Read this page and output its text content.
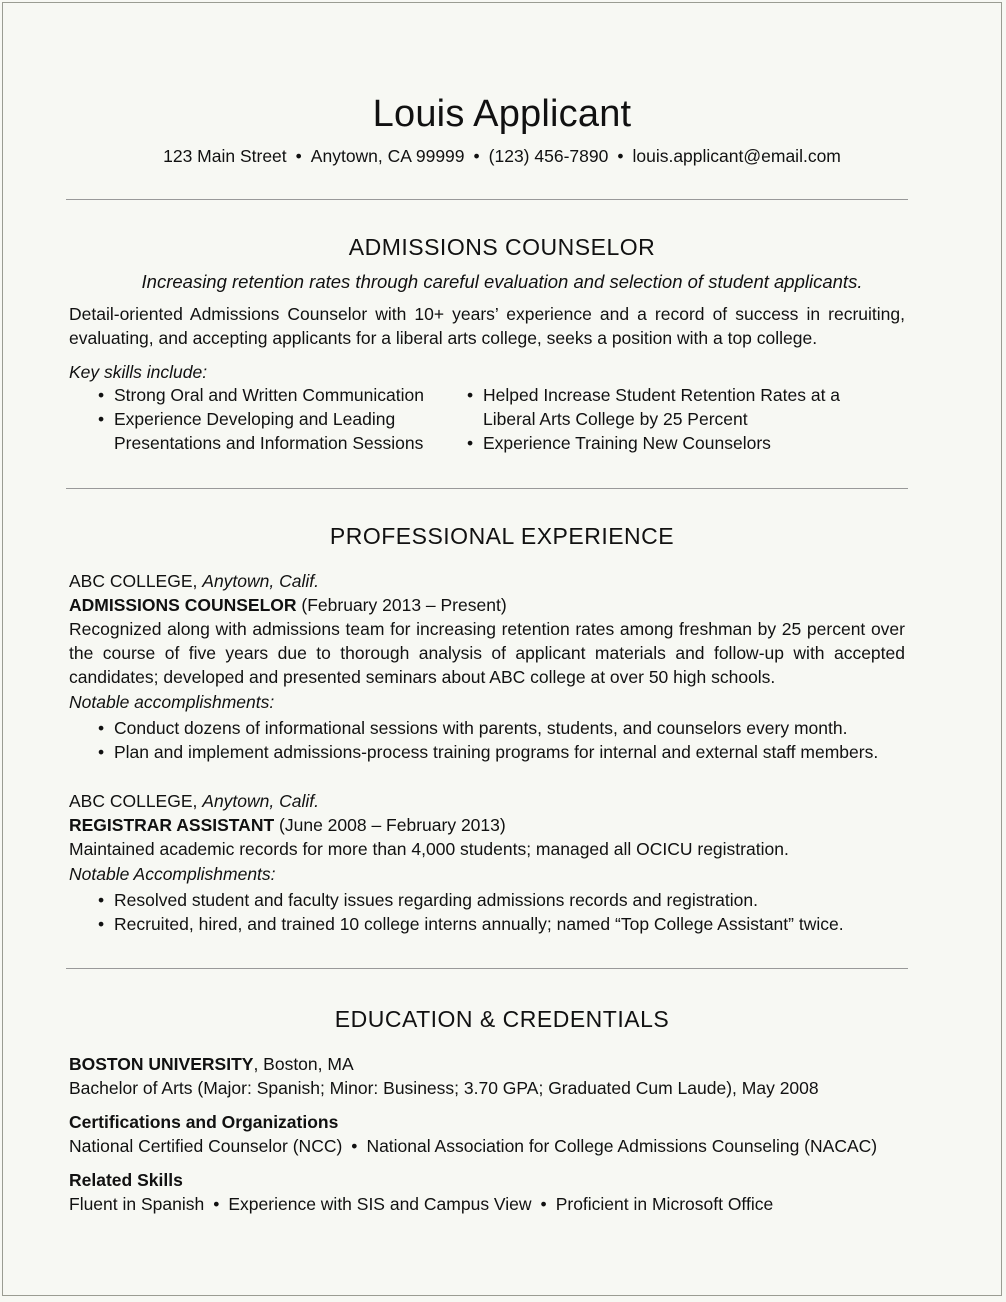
Louis Applicant
123 Main Street • Anytown, CA 99999 • (123) 456-7890 • louis.applicant@email.com
ADMISSIONS COUNSELOR
Increasing retention rates through careful evaluation and selection of student applicants.
Detail-oriented Admissions Counselor with 10+ years’ experience and a record of success in recruiting, evaluating, and accepting applicants for a liberal arts college, seeks a position with a top college.
Key skills include:
• Strong Oral and Written Communication
• Experience Developing and Leading Presentations and Information Sessions
• Helped Increase Student Retention Rates at a Liberal Arts College by 25 Percent
• Experience Training New Counselors
PROFESSIONAL EXPERIENCE
ABC COLLEGE, Anytown, Calif.
ADMISSIONS COUNSELOR (February 2013 – Present)
Recognized along with admissions team for increasing retention rates among freshman by 25 percent over the course of five years due to thorough analysis of applicant materials and follow-up with accepted candidates; developed and presented seminars about ABC college at over 50 high schools.
Notable accomplishments:
• Conduct dozens of informational sessions with parents, students, and counselors every month.
• Plan and implement admissions-process training programs for internal and external staff members.
ABC COLLEGE, Anytown, Calif.
REGISTRAR ASSISTANT (June 2008 – February 2013)
Maintained academic records for more than 4,000 students; managed all OCICU registration.
Notable Accomplishments:
• Resolved student and faculty issues regarding admissions records and registration.
• Recruited, hired, and trained 10 college interns annually; named “Top College Assistant” twice.
EDUCATION & CREDENTIALS
BOSTON UNIVERSITY, Boston, MA
Bachelor of Arts (Major: Spanish; Minor: Business; 3.70 GPA; Graduated Cum Laude), May 2008
Certifications and Organizations
National Certified Counselor (NCC) • National Association for College Admissions Counseling (NACAC)
Related Skills
Fluent in Spanish • Experience with SIS and Campus View • Proficient in Microsoft Office
